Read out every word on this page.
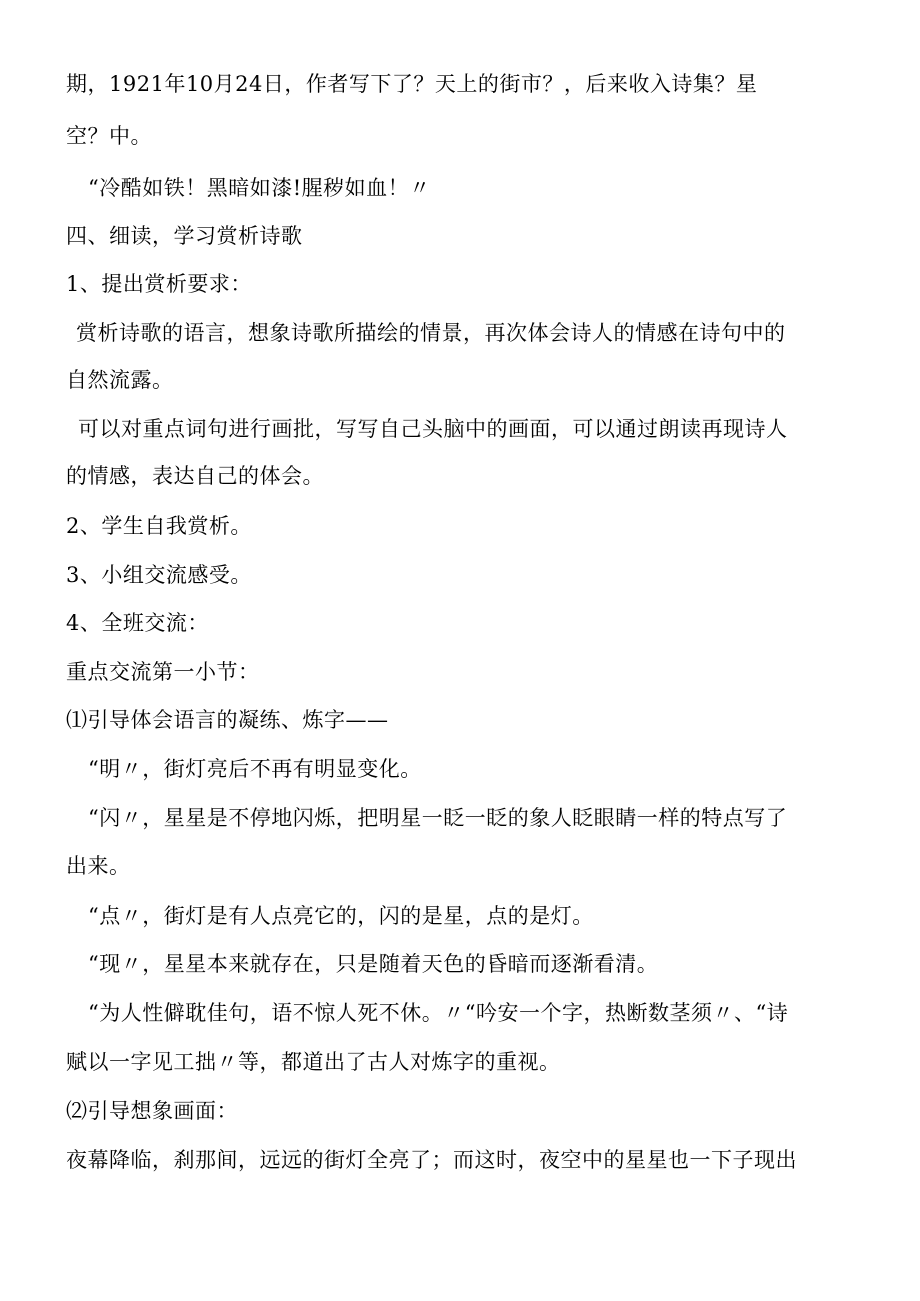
期，1921年10月24日，作者写下了？天上的街市？，后来收入诗集？星
空？中。
“冷酷如铁！黑暗如漆!腥秽如血！〃
四、细读，学习赏析诗歌
1、提出赏析要求：
赏析诗歌的语言，想象诗歌所描绘的情景，再次体会诗人的情感在诗句中的
自然流露。
可以对重点词句进行画批，写写自己头脑中的画面，可以通过朗读再现诗人
的情感，表达自己的体会。
2、学生自我赏析。
3、小组交流感受。
4、全班交流：
重点交流第一小节：
⑴引导体会语言的凝练、炼字——
“明〃，街灯亮后不再有明显变化。
“闪〃，星星是不停地闪烁，把明星一眨一眨的象人眨眼睛一样的特点写了
出来。
“点〃，街灯是有人点亮它的，闪的是星，点的是灯。
“现〃，星星本来就存在，只是随着天色的昏暗而逐渐看清。
“为人性僻耽佳句，语不惊人死不休。〃“吟安一个字，热断数茎须〃、“诗
赋以一字见工拙〃等，都道出了古人对炼字的重视。
⑵引导想象画面：
夜幕降临，刹那间，远远的街灯全亮了；而这时，夜空中的星星也一下子现出
